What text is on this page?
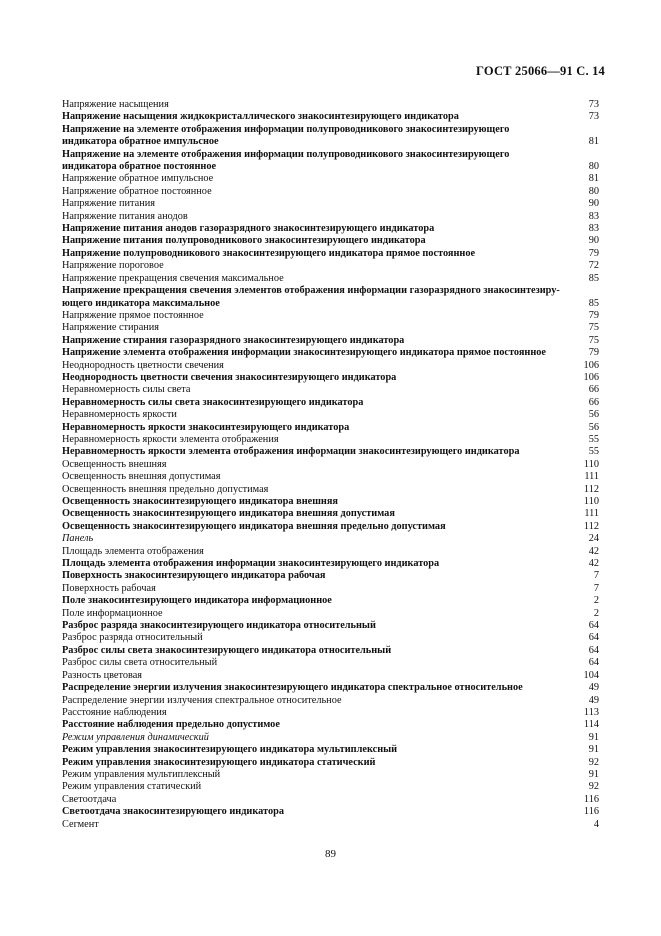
ГОСТ 25066—91 С. 14
Напряжение насыщения	73
Напряжение насыщения жидкокристаллического знакосинтезирующего индикатора	73
Напряжение на элементе отображения информации полупроводникового знакосинтезирующего индикатора обратное импульсное	81
Напряжение на элементе отображения информации полупроводникового знакосинтезирующего индикатора обратное постоянное	80
Напряжение обратное импульсное	81
Напряжение обратное постоянное	80
Напряжение питания	90
Напряжение питания анодов	83
Напряжение питания анодов газоразрядного знакосинтезирующего индикатора	83
Напряжение питания полупроводникового знакосинтезирующего индикатора	90
Напряжение полупроводникового знакосинтезирующего индикатора прямое постоянное	79
Напряжение пороговое	72
Напряжение прекращения свечения максимальное	85
Напряжение прекращения свечения элементов отображения информации газоразрядного знакосинтезиру-ющего индикатора максимальное	85
Напряжение прямое постоянное	79
Напряжение стирания	75
Напряжение стирания газоразрядного знакосинтезирующего индикатора	75
Напряжение элемента отображения информации знакосинтезирующего индикатора прямое постоянное	79
Неоднородность цветности свечения	106
Неоднородность цветности свечения знакосинтезирующего индикатора	106
Неравномерность силы света	66
Неравномерность силы света знакосинтезирующего индикатора	66
Неравномерность яркости	56
Неравномерность яркости знакосинтезирующего индикатора	56
Неравномерность яркости элемента отображения	55
Неравномерность яркости элемента отображения информации знакосинтезирующего индикатора	55
Освещенность внешняя	110
Освещенность внешняя допустимая	111
Освещенность внешняя предельно допустимая	112
Освещенность знакосинтезирующего индикатора внешняя	110
Освещенность знакосинтезирующего индикатора внешняя допустимая	111
Освещенность знакосинтезирующего индикатора внешняя предельно допустимая	112
Панель	24
Площадь элемента отображения	42
Площадь элемента отображения информации знакосинтезирующего индикатора	42
Поверхность знакосинтезирующего индикатора рабочая	7
Поверхность рабочая	7
Поле знакосинтезирующего индикатора информационное	2
Поле информационное	2
Разброс разряда знакосинтезирующего индикатора относительный	64
Разброс разряда относительный	64
Разброс силы света знакосинтезирующего индикатора относительный	64
Разброс силы света относительный	64
Разность цветовая	104
Распределение энергии излучения знакосинтезирующего индикатора спектральное относительное	49
Распределение энергии излучения спектральное относительное	49
Расстояние наблюдения	113
Расстояние наблюдения предельно допустимое	114
Режим управления динамический	91
Режим управления знакосинтезирующего индикатора мультиплексный	91
Режим управления знакосинтезирующего индикатора статический	92
Режим управления мультиплексный	91
Режим управления статический	92
Светоотдача	116
Светоотдача знакосинтезирующего индикатора	116
Сегмент	4
89
